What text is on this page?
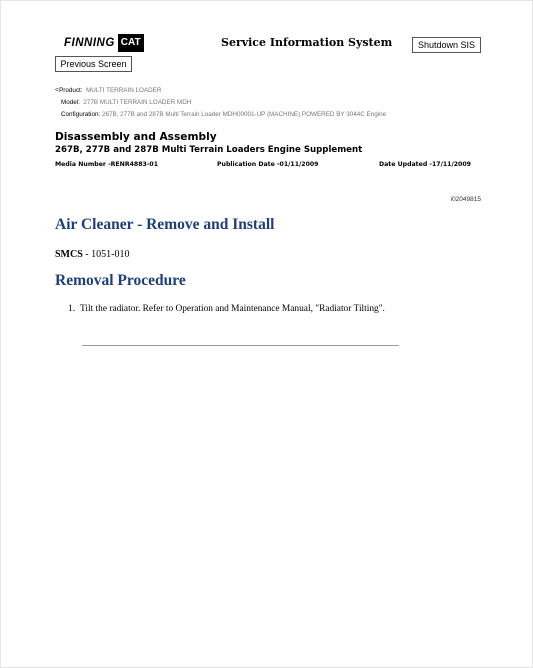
FINNING CAT	Service Information System	Shutdown SIS
Previous Screen
<Product: MULTI TERRAIN LOADER
Model: 277B MULTI TERRAIN LOADER MDH
Configuration: 267B, 277B and 287B Multi Terrain Loader MDH00001-UP (MACHINE) POWERED BY 3044C Engine
Disassembly and Assembly
267B, 277B and 287B Multi Terrain Loaders Engine Supplement
Media Number -RENR4883-01	Publication Date -01/11/2009	Date Updated -17/11/2009
i02049815
Air Cleaner - Remove and Install
SMCS - 1051-010
Removal Procedure
1. Tilt the radiator. Refer to Operation and Maintenance Manual, "Radiator Tilting".
